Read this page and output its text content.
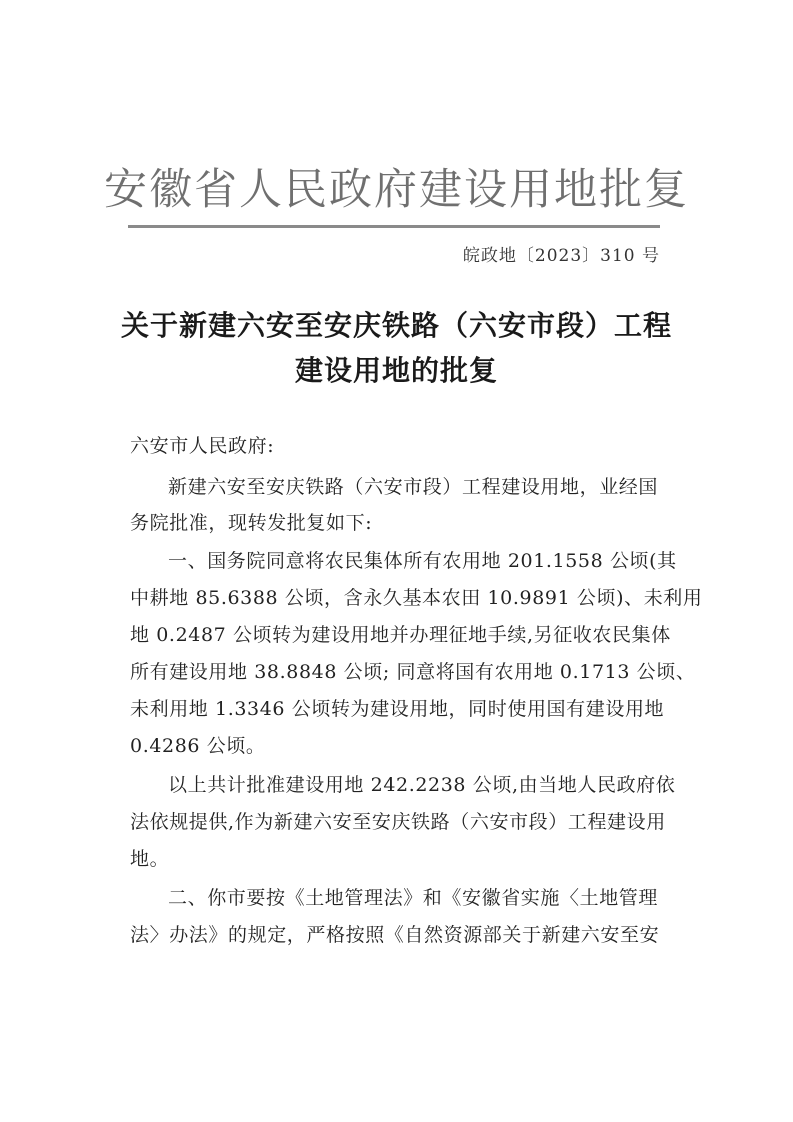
安徽省人民政府建设用地批复
皖政地〔2023〕310 号
关于新建六安至安庆铁路（六安市段）工程
建设用地的批复
六安市人民政府:
新建六安至安庆铁路（六安市段）工程建设用地，业经国
务院批准，现转发批复如下:
一、国务院同意将农民集体所有农用地 201.1558 公顷(其
中耕地 85.6388 公顷，含永久基本农田 10.9891 公顷)、未利用
地 0.2487 公顷转为建设用地并办理征地手续,另征收农民集体
所有建设用地 38.8848 公顷; 同意将国有农用地 0.1713 公顷、
未利用地 1.3346 公顷转为建设用地，同时使用国有建设用地
0.4286 公顷。
以上共计批准建设用地 242.2238 公顷,由当地人民政府依
法依规提供,作为新建六安至安庆铁路（六安市段）工程建设用
地。
二、你市要按《土地管理法》和《安徽省实施〈土地管理
法〉办法》的规定，严格按照《自然资源部关于新建六安至安
